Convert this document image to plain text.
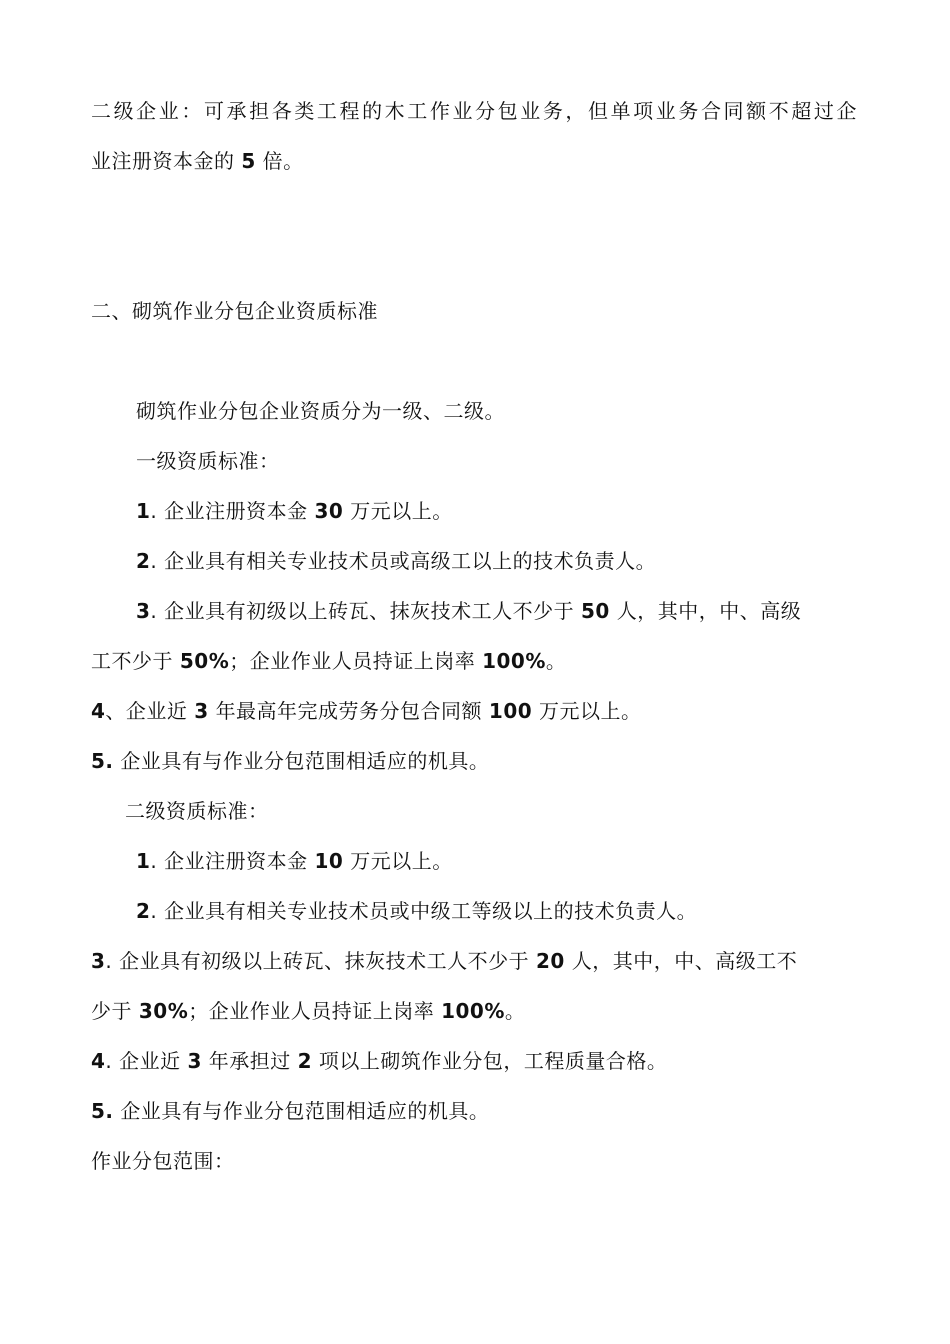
二级企业：可承担各类工程的木工作业分包业务，但单项业务合同额不超过企
业注册资本金的 5 倍。
二、砌筑作业分包企业资质标准
砌筑作业分包企业资质分为一级、二级。
一级资质标准：
1. 企业注册资本金 30 万元以上。
2. 企业具有相关专业技术员或高级工以上的技术负责人。
3. 企业具有初级以上砖瓦、抹灰技术工人不少于 50 人，其中，中、高级
工不少于 50%；企业作业人员持证上岗率 100%。
4、企业近 3 年最高年完成劳务分包合同额 100 万元以上。
5. 企业具有与作业分包范围相适应的机具。
二级资质标准：
1. 企业注册资本金 10 万元以上。
2. 企业具有相关专业技术员或中级工等级以上的技术负责人。
3. 企业具有初级以上砖瓦、抹灰技术工人不少于 20 人，其中，中、高级工不
少于 30%；企业作业人员持证上岗率 100%。
4. 企业近 3 年承担过 2 项以上砌筑作业分包，工程质量合格。
5. 企业具有与作业分包范围相适应的机具。
作业分包范围：
